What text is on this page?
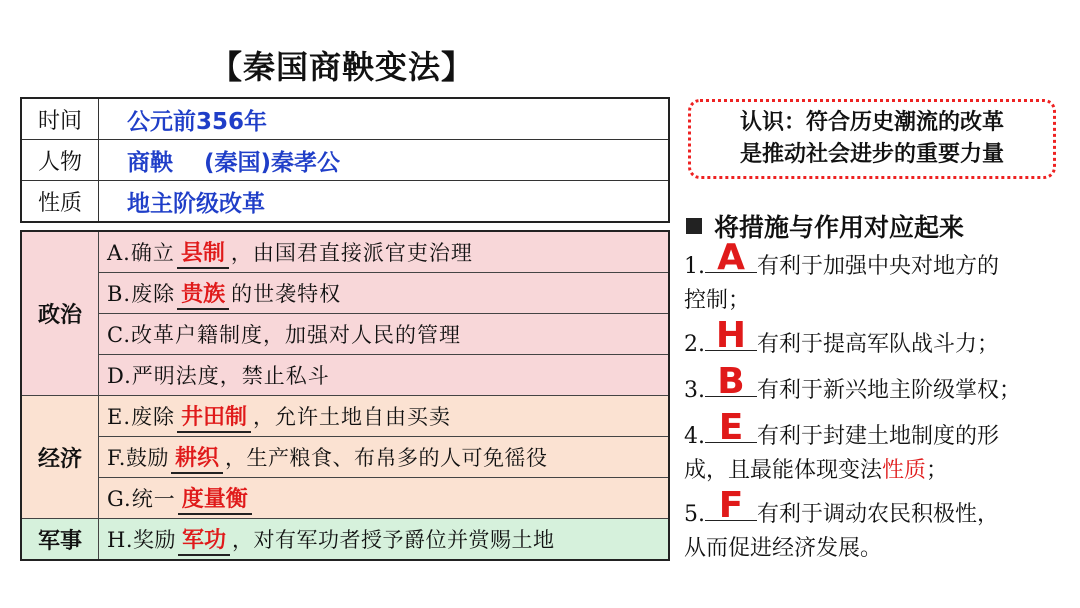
【秦国商鞅变法】
时间	公元前356年
人物	商鞅　 (秦国)秦孝公
性质	地主阶级改革
政治
A.确立 县制 ，由国君直接派官吏治理
B.废除 贵族 的世袭特权
C.改革户籍制度，加强对人民的管理
D.严明法度，禁止私斗
经济
E.废除 井田制 ，允许土地自由买卖
F.鼓励 耕织 ，生产粮食、布帛多的人可免徭役
G.统一 度量衡
军事	H.奖励 军功 ，对有军功者授予爵位并赏赐土地
认识：符合历史潮流的改革
是推动社会进步的重要力量
将措施与作用对应起来
1. A 有利于加强中央对地方的
控制；
2. H 有利于提高军队战斗力；
3. B 有利于新兴地主阶级掌权；
4. E 有利于封建土地制度的形
成，且最能体现变法性质；
5. F 有利于调动农民积极性，
从而促进经济发展。
